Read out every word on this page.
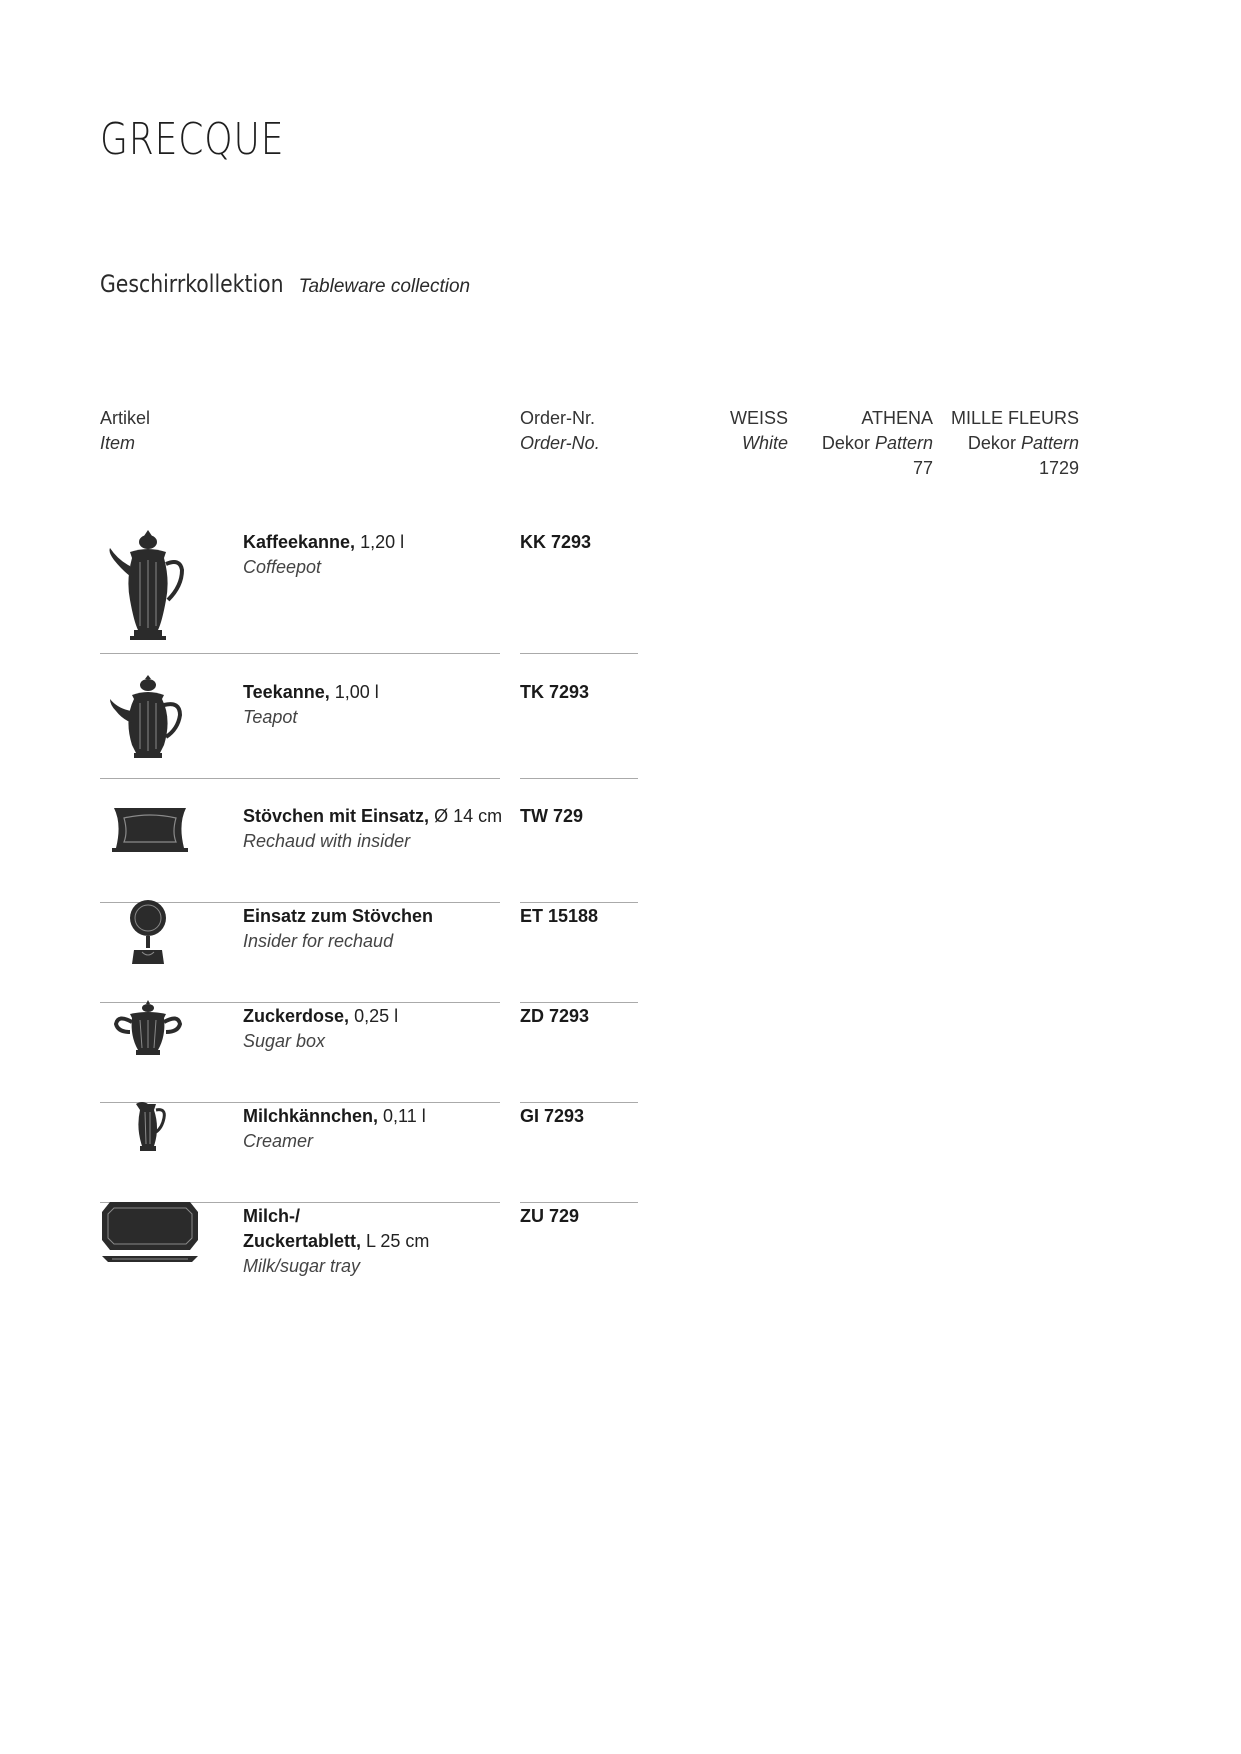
GRECQUE
Geschirrkollektion Tableware collection
Artikel
Item
Order-Nr.
Order-No.
WEISS
White
ATHENA
Dekor Pattern
77
MILLE FLEURS
Dekor Pattern
1729
Kaffeekanne, 1,20 l
Coffeepot
KK 7293
Teekanne, 1,00 l
Teapot
TK 7293
Stövchen mit Einsatz, Ø 14 cm
Rechaud with insider
TW 729
Einsatz zum Stövchen
Insider for rechaud
ET 15188
Zuckerdose, 0,25 l
Sugar box
ZD 7293
Milchkännchen, 0,11 l
Creamer
GI 7293
Milch-/
Zuckertablett, L 25 cm
Milk/sugar tray
ZU 729
